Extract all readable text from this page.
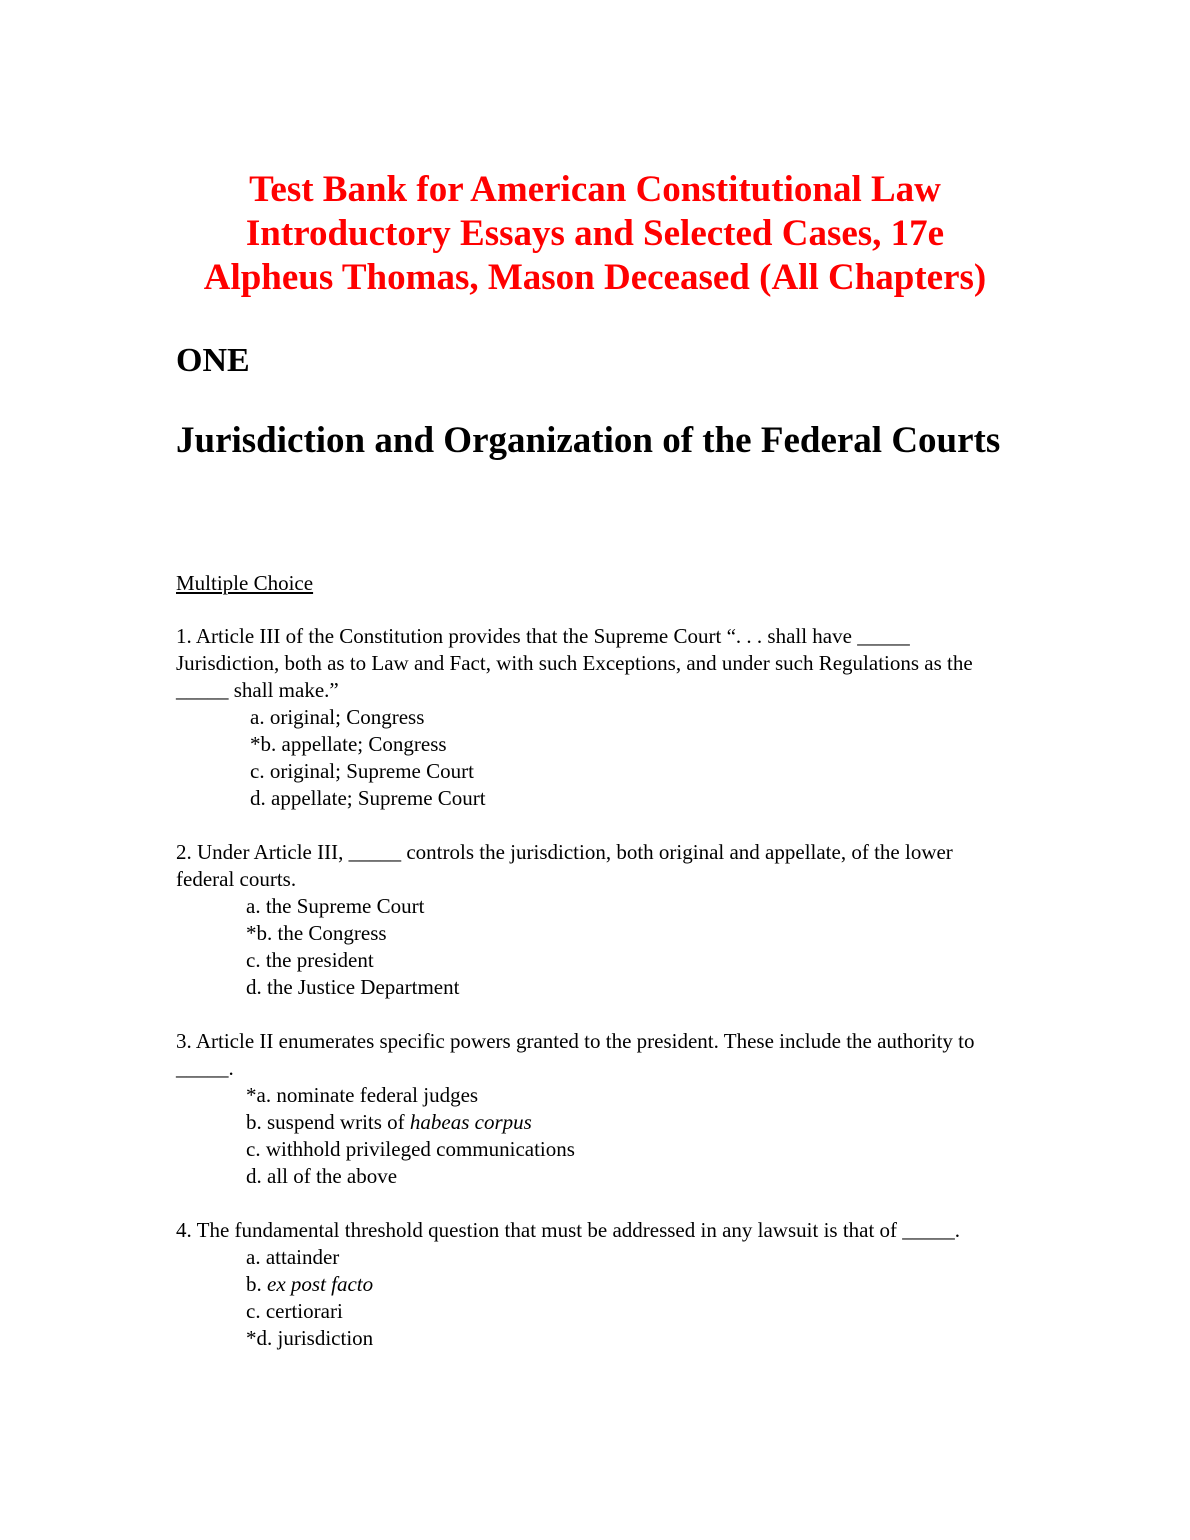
Test Bank for American Constitutional Law
Introductory Essays and Selected Cases, 17e
Alpheus Thomas, Mason Deceased (All Chapters)
ONE
Jurisdiction and Organization of the Federal Courts
Multiple Choice
1. Article III of the Constitution provides that the Supreme Court “. . . shall have _____ Jurisdiction, both as to Law and Fact, with such Exceptions, and under such Regulations as the _____ shall make.”
a. original; Congress
*b. appellate; Congress
c. original; Supreme Court
d. appellate; Supreme Court
2. Under Article III, _____ controls the jurisdiction, both original and appellate, of the lower federal courts.
a. the Supreme Court
*b. the Congress
c. the president
d. the Justice Department
3. Article II enumerates specific powers granted to the president. These include the authority to _____.
*a. nominate federal judges
b. suspend writs of habeas corpus
c. withhold privileged communications
d. all of the above
4. The fundamental threshold question that must be addressed in any lawsuit is that of _____.
a. attainder
b. ex post facto
c. certiorari
*d. jurisdiction
